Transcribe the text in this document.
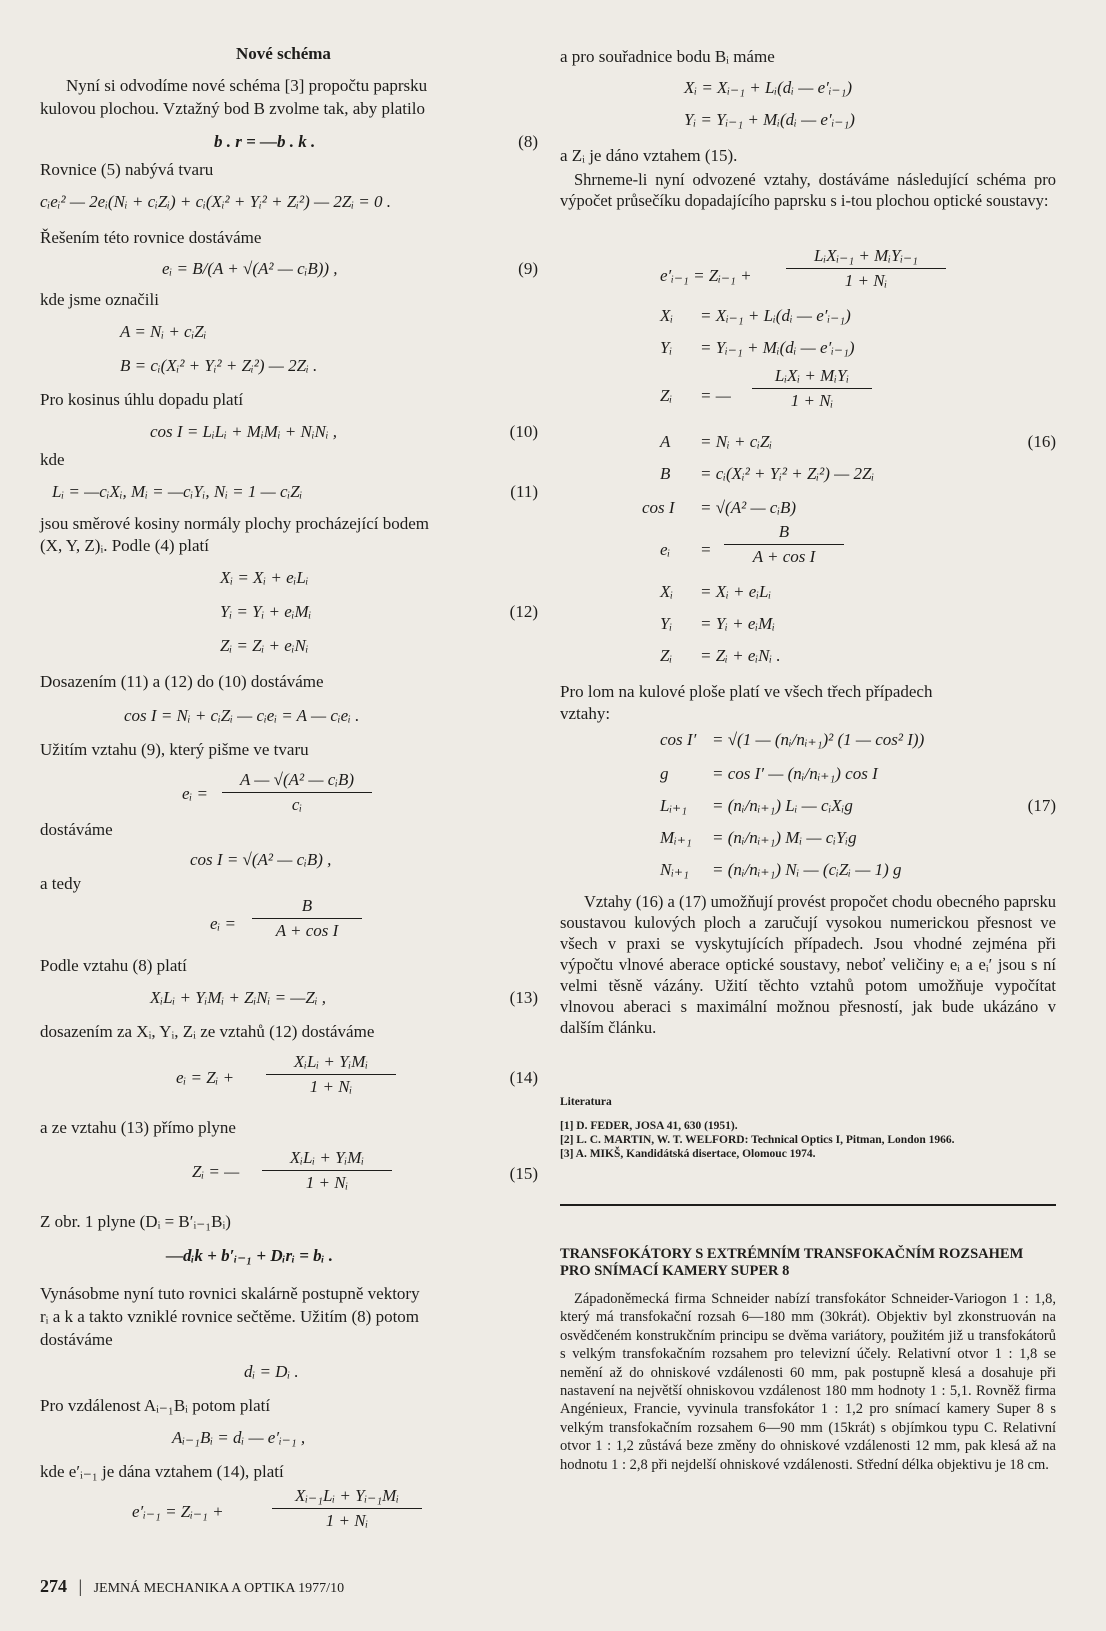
Nové schéma
Nyní si odvodíme nové schéma [3] propočtu paprsku
kulovou plochou. Vztažný bod B zvolme tak, aby platilo
b . r = —b . k .	(8)
Rovnice (5) nabývá tvaru
cᵢeᵢ² — 2eᵢ(Nᵢ + cᵢZᵢ) + cᵢ(Xᵢ² + Yᵢ² + Zᵢ²) — 2Zᵢ = 0 .
Řešením této rovnice dostáváme
eᵢ = B/(A + √(A² — cᵢB)) ,	(9)
kde jsme označili
A = Nᵢ + cᵢZᵢ
B = cᵢ(Xᵢ² + Yᵢ² + Zᵢ²) — 2Zᵢ .
Pro kosinus úhlu dopadu platí
cos I = LᵢLᵢ + MᵢMᵢ + NᵢNᵢ ,	(10)
kde
Lᵢ = —cᵢXᵢ, Mᵢ = —cᵢYᵢ, Nᵢ = 1 — cᵢZᵢ	(11)
jsou směrové kosiny normály plochy procházející bodem
(X, Y, Z)ᵢ. Podle (4) platí
Xᵢ = Xᵢ + eᵢLᵢ
Yᵢ = Yᵢ + eᵢMᵢ	(12)
Zᵢ = Zᵢ + eᵢNᵢ
Dosazením (11) a (12) do (10) dostáváme
cos I = Nᵢ + cᵢZᵢ — cᵢeᵢ = A — cᵢeᵢ .
Užitím vztahu (9), který pišme ve tvaru
eᵢ =
A — √(A² — cᵢB)
cᵢ
dostáváme
cos I = √(A² — cᵢB) ,
a tedy
eᵢ =
B
A + cos I
Podle vztahu (8) platí
XᵢLᵢ + YᵢMᵢ + ZᵢNᵢ = —Zᵢ ,	(13)
dosazením za Xᵢ, Yᵢ, Zᵢ ze vztahů (12) dostáváme
eᵢ = Zᵢ +
XᵢLᵢ + YᵢMᵢ
1 + Nᵢ	(14)
a ze vztahu (13) přímo plyne
Zᵢ = —
XᵢLᵢ + YᵢMᵢ
1 + Nᵢ	(15)
Z obr. 1 plyne (Dᵢ = B′ᵢ₋₁Bᵢ)
—dᵢk + b′ᵢ₋₁ + Dᵢrᵢ = bᵢ .
Vynásobme nyní tuto rovnici skalárně postupně vektory
rᵢ a k a takto vzniklé rovnice sečtěme. Užitím (8) potom
dostáváme
dᵢ = Dᵢ .
Pro vzdálenost Aᵢ₋₁Bᵢ potom platí
Aᵢ₋₁Bᵢ = dᵢ — e′ᵢ₋₁ ,
kde e′ᵢ₋₁ je dána vztahem (14), platí
e′ᵢ₋₁ = Zᵢ₋₁ +
Xᵢ₋₁Lᵢ + Yᵢ₋₁Mᵢ
1 + Nᵢ
a pro souřadnice bodu Bᵢ máme
Xᵢ = Xᵢ₋₁ + Lᵢ(dᵢ — e′ᵢ₋₁)
Yᵢ = Yᵢ₋₁ + Mᵢ(dᵢ — e′ᵢ₋₁)
a Zᵢ je dáno vztahem (15).
Shrneme-li nyní odvozené vztahy, dostáváme následující schéma pro výpočet průsečíku dopadajícího paprsku s i-tou plochou optické soustavy:
e′ᵢ₋₁ = Zᵢ₋₁ +
LᵢXᵢ₋₁ + MᵢYᵢ₋₁
1 + Nᵢ
Xᵢ = Xᵢ₋₁ + Lᵢ(dᵢ — e′ᵢ₋₁)
Yᵢ = Yᵢ₋₁ + Mᵢ(dᵢ — e′ᵢ₋₁)
Zᵢ = —
LᵢXᵢ + MᵢYᵢ
1 + Nᵢ
A = Nᵢ + cᵢZᵢ	(16)
B = cᵢ(Xᵢ² + Yᵢ² + Zᵢ²) — 2Zᵢ
cos I = √(A² — cᵢB)
eᵢ =
B
A + cos I
Xᵢ = Xᵢ + eᵢLᵢ
Yᵢ = Yᵢ + eᵢMᵢ
Zᵢ = Zᵢ + eᵢNᵢ .
Pro lom na kulové ploše platí ve všech třech případech
vztahy:
cos I′ = √(1 — (nᵢ/nᵢ₊₁)² (1 — cos² I))
g	= cos I′ — (nᵢ/nᵢ₊₁) cos I
Lᵢ₊₁ = (nᵢ/nᵢ₊₁) Lᵢ — cᵢXᵢg	(17)
Mᵢ₊₁ = (nᵢ/nᵢ₊₁) Mᵢ — cᵢYᵢg
Nᵢ₊₁ = (nᵢ/nᵢ₊₁) Nᵢ — (cᵢZᵢ — 1) g
Vztahy (16) a (17) umožňují provést propočet chodu obecného paprsku soustavou kulových ploch a zaručují vysokou numerickou přesnost ve všech v praxi se vyskytujících případech. Jsou vhodné zejména při výpočtu vlnové aberace optické soustavy, neboť veličiny eᵢ a eᵢ′ jsou s ní velmi těsně vázány. Užití těchto vztahů potom umožňuje vypočítat vlnovou aberaci s maximální možnou přesností, jak bude ukázáno v dalším článku.
Literatura
[1] D. FEDER, JOSA 41, 630 (1951).
[2] L. C. MARTIN, W. T. WELFORD: Technical Optics I, Pitman, London 1966.
[3] A. MIKŠ, Kandidátská disertace, Olomouc 1974.
TRANSFOKÁTORY S EXTRÉMNÍM TRANSFOKAČNÍM ROZSAHEM PRO SNÍMACÍ KAMERY SUPER 8
Západoněmecká firma Schneider nabízí transfokátor Schneider-Variogon 1 : 1,8, který má transfokační rozsah 6—180 mm (30krát). Objektiv byl zkonstruován na osvědčeném konstrukčním principu se dvěma variátory, použitém již u transfokátorů s velkým transfokačním rozsahem pro televizní účely. Relativní otvor 1 : 1,8 se nemění až do ohniskové vzdálenosti 60 mm, pak postupně klesá a dosahuje při nastavení na největší ohniskovou vzdálenost 180 mm hodnoty 1 : 5,1. Rovněž firma Angénieux, Francie, vyvinula transfokátor 1 : 1,2 pro snímací kamery Super 8 s velkým transfokačním rozsahem 6—90 mm (15krát) s objímkou typu C. Relativní otvor 1 : 1,2 zůstává beze změny do ohniskové vzdálenosti 12 mm, pak klesá až na hodnotu 1 : 2,8 při nejdelší ohniskové vzdálenosti. Střední délka objektivu je 18 cm.
274 | JEMNÁ MECHANIKA A OPTIKA 1977/10
